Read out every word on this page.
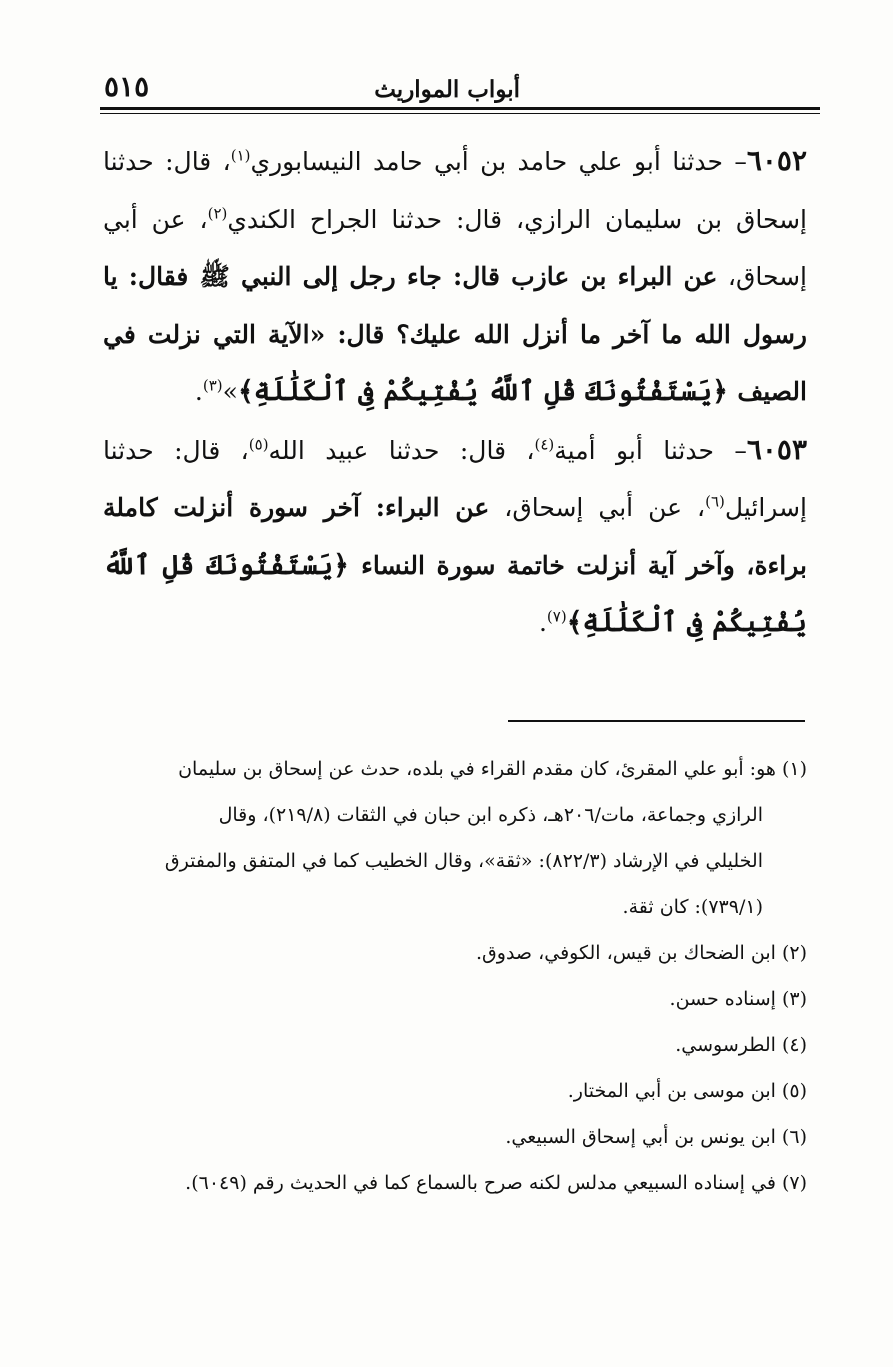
أبواب المواريث
٥١٥

٦٠٥٢– حدثنا أبو علي حامد بن أبي حامد النيسابوري$^{(١)}$، قال: حدثنا إسحاق بن سليمان الرازي، قال: حدثنا الجراح الكندي$^{(٢)}$، عن أبي إسحاق، عن البراء بن عازب قال: جاء رجل إلى النبي ﷺ فقال: يا رسول الله ما آخر ما أنزل الله عليك؟ قال: «الآية التي نزلت في الصيف ﴿يَسْتَفْتُونَكَ قُلِ ٱللَّهُ يُفْتِيكُمْ فِى ٱلْكَلَٰلَةِ﴾»$^{(٣)}$.

٦٠٥٣– حدثنا أبو أمية$^{(٤)}$، قال: حدثنا عبيد الله$^{(٥)}$، قال: حدثنا إسرائيل$^{(٦)}$، عن أبي إسحاق، عن البراء: آخر سورة أنزلت كاملة براءة، وآخر آية أنزلت خاتمة سورة النساء ﴿يَسْتَفْتُونَكَ قُلِ ٱللَّهُ يُفْتِيكُمْ فِى ٱلْكَلَٰلَةِ﴾$^{(٧)}$.

(١) هو: أبو علي المقرئ، كان مقدم القراء في بلده، حدث عن إسحاق بن سليمان

الرازي وجماعة، مات/٢٠٦هـ، ذكره ابن حبان في الثقات (٢١٩/٨)، وقال

الخليلي في الإرشاد (٨٢٢/٣): «ثقة»، وقال الخطيب كما في المتفق والمفترق

(٧٣٩/١): كان ثقة.

(٢) ابن الضحاك بن قيس، الكوفي، صدوق.

(٣) إسناده حسن.

(٤) الطرسوسي.

(٥) ابن موسى بن أبي المختار.

(٦) ابن يونس بن أبي إسحاق السبيعي.

(٧) في إسناده السبيعي مدلس لكنه صرح بالسماع كما في الحديث رقم (٦٠٤٩).
